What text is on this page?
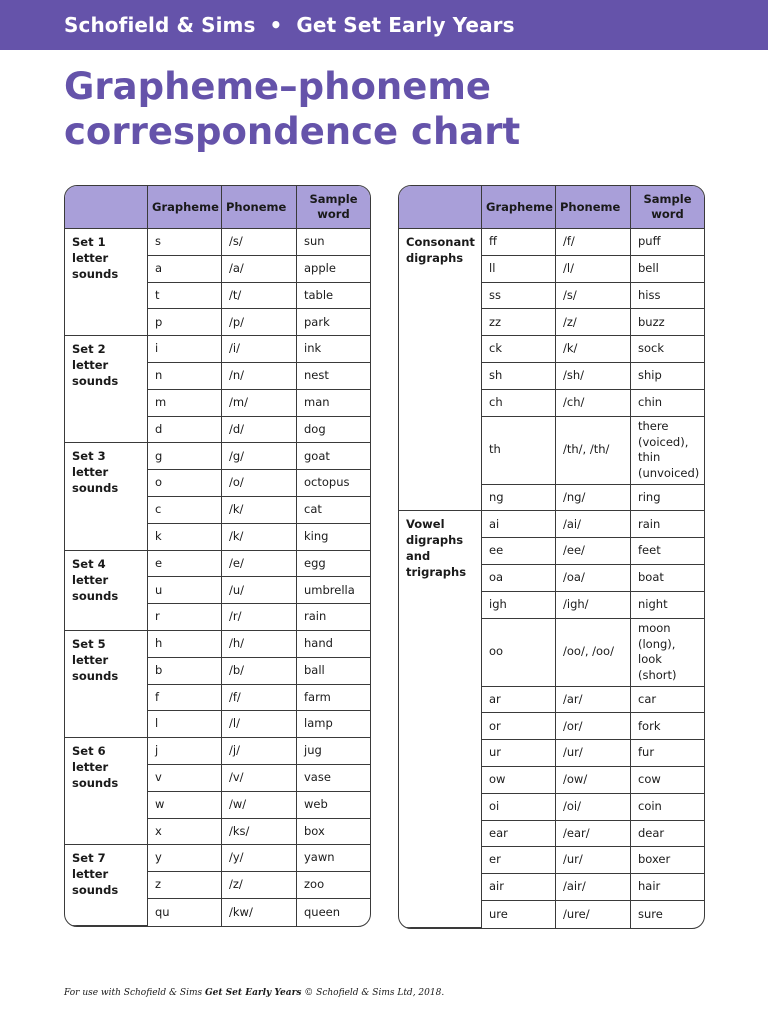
Schofield & Sims • Get Set Early Years
Grapheme–phoneme
correspondence chart
	Grapheme	Phoneme	Sample word
Set 1 letter sounds	s	/s/	sun
	a	/a/	apple
	t	/t/	table
	p	/p/	park
Set 2 letter sounds	i	/i/	ink
	n	/n/	nest
	m	/m/	man
	d	/d/	dog
Set 3 letter sounds	g	/g/	goat
	o	/o/	octopus
	c	/k/	cat
	k	/k/	king
Set 4 letter sounds	e	/e/	egg
	u	/u/	umbrella
	r	/r/	rain
Set 5 letter sounds	h	/h/	hand
	b	/b/	ball
	f	/f/	farm
	l	/l/	lamp
Set 6 letter sounds	j	/j/	jug
	v	/v/	vase
	w	/w/	web
	x	/ks/	box
Set 7 letter sounds	y	/y/	yawn
	z	/z/	zoo
	qu	/kw/	queen
	Grapheme	Phoneme	Sample word
Consonant digraphs	ff	/f/	puff
	ll	/l/	bell
	ss	/s/	hiss
	zz	/z/	buzz
	ck	/k/	sock
	sh	/sh/	ship
	ch	/ch/	chin
	th	/th/, /th/	there (voiced), thin (unvoiced)
	ng	/ng/	ring
Vowel digraphs and trigraphs	ai	/ai/	rain
	ee	/ee/	feet
	oa	/oa/	boat
	igh	/igh/	night
	oo	/oo/, /oo/	moon (long), look (short)
	ar	/ar/	car
	or	/or/	fork
	ur	/ur/	fur
	ow	/ow/	cow
	oi	/oi/	coin
	ear	/ear/	dear
	er	/ur/	boxer
	air	/air/	hair
	ure	/ure/	sure
For use with Schofield & Sims Get Set Early Years © Schofield & Sims Ltd, 2018.
